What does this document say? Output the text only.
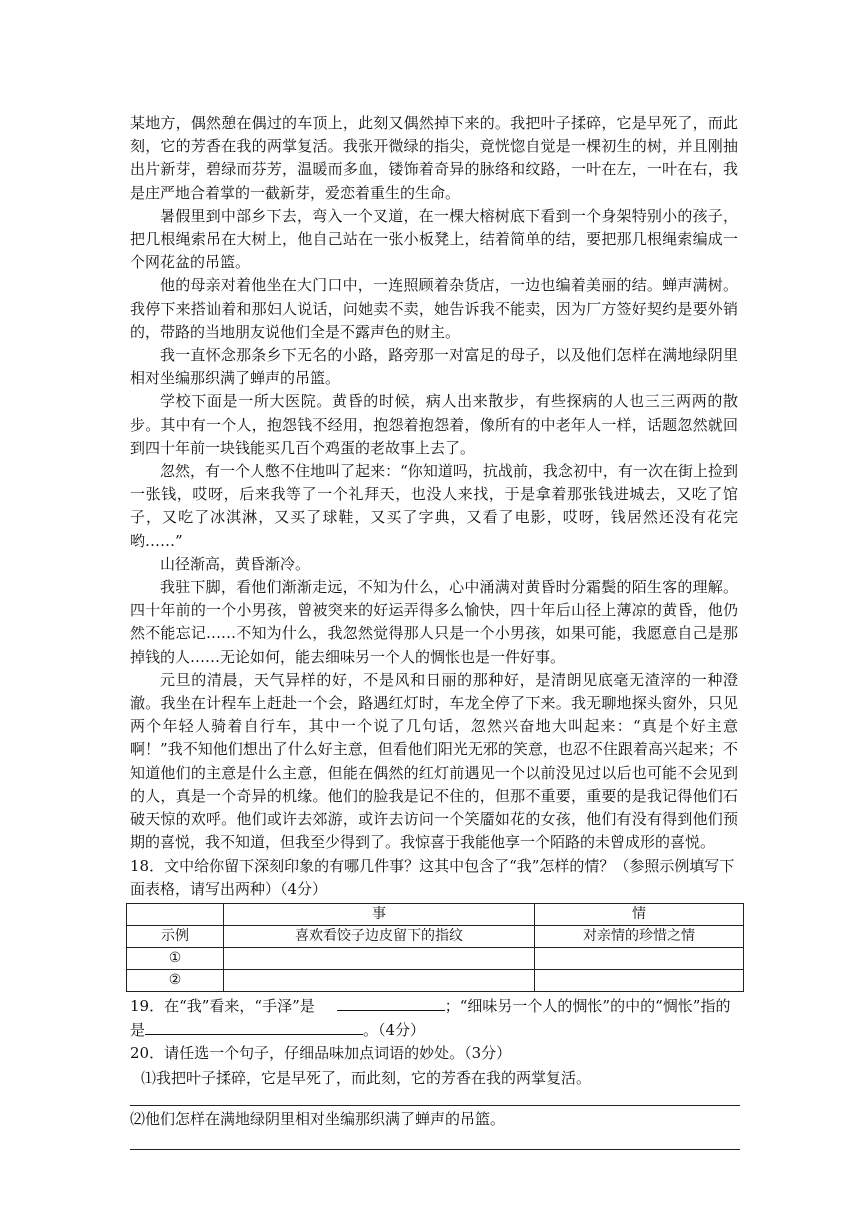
某地方，偶然憩在偶过的车顶上，此刻又偶然掉下来的。我把叶子揉碎，它是早死了，而此刻，它的芳香在我的两掌复活。我张开微绿的指尖，竟恍惚自觉是一棵初生的树，并且刚抽出片新芽，碧绿而芬芳，温暖而多血，镂饰着奇异的脉络和纹路，一叶在左，一叶在右，我是庄严地合着掌的一截新芽，爱恋着重生的生命。

暑假里到中部乡下去，弯入一个叉道，在一棵大榕树底下看到一个身架特别小的孩子，把几根绳索吊在大树上，他自己站在一张小板凳上，结着简单的结，要把那几根绳索编成一个网花盆的吊篮。

他的母亲对着他坐在大门口中，一连照顾着杂货店，一边也编着美丽的结。蝉声满树。我停下来搭讪着和那妇人说话，问她卖不卖，她告诉我不能卖，因为厂方签好契约是要外销的，带路的当地朋友说他们全是不露声色的财主。

我一直怀念那条乡下无名的小路，路旁那一对富足的母子，以及他们怎样在满地绿阴里相对坐编那织满了蝉声的吊篮。

学校下面是一所大医院。黄昏的时候，病人出来散步，有些探病的人也三三两两的散步。其中有一个人，抱怨钱不经用，抱怨着抱怨着，像所有的中老年人一样，话题忽然就回到四十年前一块钱能买几百个鸡蛋的老故事上去了。

忽然，有一个人憋不住地叫了起来：“你知道吗，抗战前，我念初中，有一次在街上捡到一张钱，哎呀，后来我等了一个礼拜天，也没人来找，于是拿着那张钱进城去，又吃了馆子，又吃了冰淇淋，又买了球鞋，又买了字典，又看了电影，哎呀，钱居然还没有花完哟……”

山径渐高，黄昏渐冷。

我驻下脚，看他们渐渐走远，不知为什么，心中涌满对黄昏时分霜鬓的陌生客的理解。四十年前的一个小男孩，曾被突来的好运弄得多么愉快，四十年后山径上薄凉的黄昏，他仍然不能忘记……不知为什么，我忽然觉得那人只是一个小男孩，如果可能，我愿意自己是那掉钱的人……无论如何，能去细味另一个人的惆怅也是一件好事。

元旦的清晨，天气异样的好，不是风和日丽的那种好，是清朗见底毫无渣滓的一种澄澈。我坐在计程车上赶赴一个会，路遇红灯时，车龙全停了下来。我无聊地探头窗外，只见两个年轻人骑着自行车，其中一个说了几句话，忽然兴奋地大叫起来：“真是个好主意啊！”我不知他们想出了什么好主意，但看他们阳光无邪的笑意，也忍不住跟着高兴起来；不知道他们的主意是什么主意，但能在偶然的红灯前遇见一个以前没见过以后也可能不会见到的人，真是一个奇异的机缘。他们的脸我是记不住的，但那不重要，重要的是我记得他们石破天惊的欢呼。他们或许去郊游，或许去访问一个笑靥如花的女孩，他们有没有得到他们预期的喜悦，我不知道，但我至少得到了。我惊喜于我能他享一个陌路的未曾成形的喜悦。

18．文中给你留下深刻印象的有哪几件事？这其中包含了“我”怎样的情？（参照示例填写下面表格，请写出两种）（4分）

	事	情
示例	喜欢看饺子边皮留下的指纹	对亲情的珍惜之情
①		
②		

19．在“我”看来，“手泽”是	；“细味另一个人的惆怅”的中的“惆怅”指的是	。（4分）

20．请任选一个句子，仔细品味加点词语的妙处。（3分）

⑴我把叶子揉碎，它是早死了，而此刻，它的芳香在我的两掌复活。

⑵他们怎样在满地绿阴里相对坐编那织满了蝉声的吊篮。
